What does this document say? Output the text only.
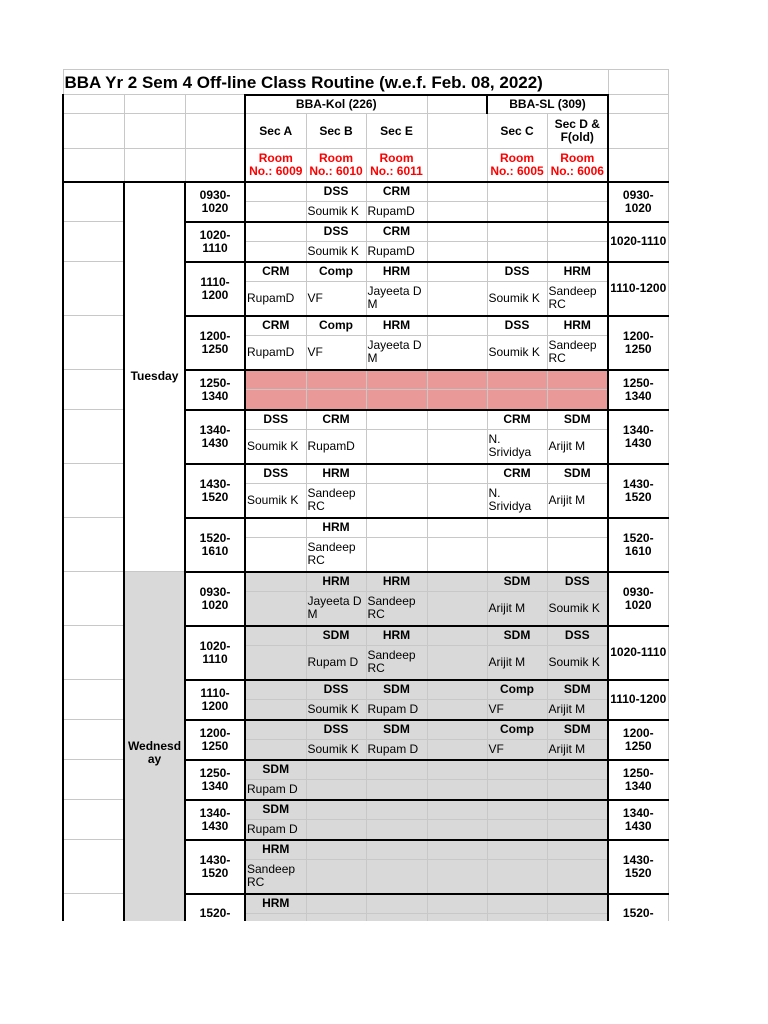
BBA Yr 2 Sem 4 Off-line Class Routine (w.e.f. Feb. 08, 2022)									
			BBA-Kol (226)				BBA-SL (309)		
			Sec A	Sec B	Sec E		Sec C	Sec D & F(old)	
			Room No.: 6009	Room No.: 6010	Room No.: 6011		Room No.: 6005	Room No.: 6006	
	Tuesday	0930-1020		DSS	CRM				0930-1020
				Soumik K	RupamD				
		1020-1110		DSS	CRM				1020-1110
				Soumik K	RupamD				
		1110-1200	CRM	Comp	HRM		DSS	HRM	1110-1200
			RupamD	VF	Jayeeta D M		Soumik K	Sandeep RC	
		1200-1250	CRM	Comp	HRM		DSS	HRM	1200-1250
			RupamD	VF	Jayeeta D M		Soumik K	Sandeep RC	
		1250-1340							1250-1340

		1340-1430	DSS	CRM			CRM	SDM	1340-1430
			Soumik K	RupamD			N. Srividya	Arijit M	
		1430-1520	DSS	HRM			CRM	SDM	1430-1520
			Soumik K	Sandeep RC			N. Srividya	Arijit M	
		1520-1610		HRM					1520-1610
				Sandeep RC					
	Wednesday	0930-1020		HRM	HRM		SDM	DSS	0930-1020
				Jayeeta D M	Sandeep RC		Arijit M	Soumik K	
		1020-1110		SDM	HRM		SDM	DSS	1020-1110
				Rupam D	Sandeep RC		Arijit M	Soumik K	
		1110-1200		DSS	SDM		Comp	SDM	1110-1200
				Soumik K	Rupam D		VF	Arijit M	
		1200-1250		DSS	SDM		Comp	SDM	1200-1250
				Soumik K	Rupam D		VF	Arijit M	
		1250-1340	SDM						1250-1340
			Rupam D						
		1340-1430	SDM						1340-1430
			Rupam D						
		1430-1520	HRM						1430-1520
			Sandeep RC						
		1520-	HRM						1520-
